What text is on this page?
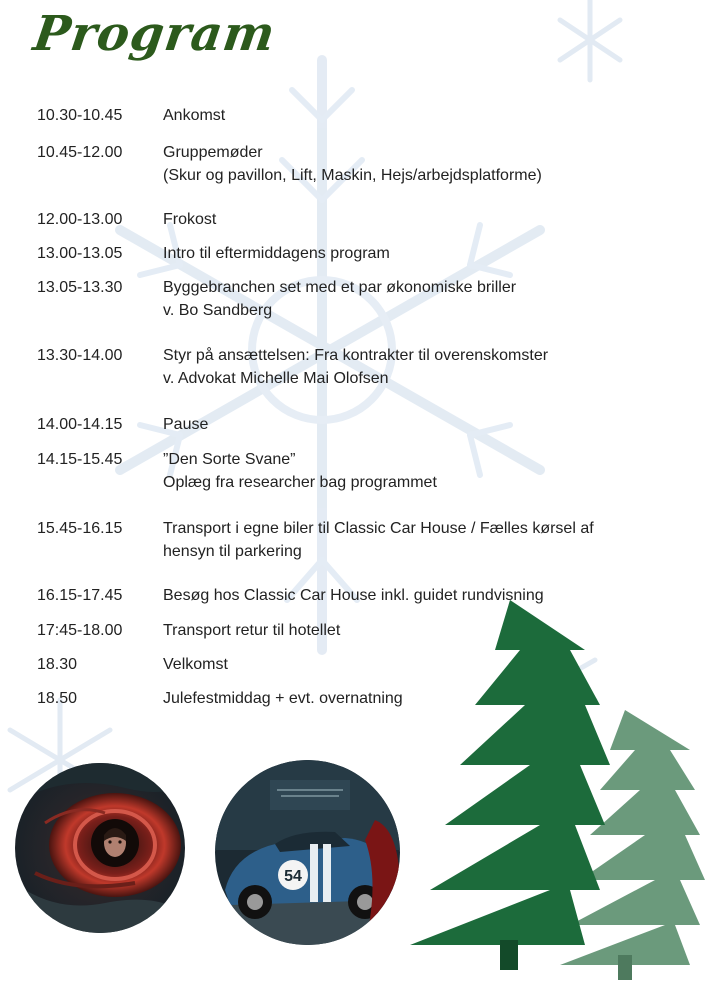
Program
10.30-10.45	Ankomst
10.45-12.00	Gruppemøder
(Skur og pavillon, Lift, Maskin, Hejs/arbejdsplatforme)
12.00-13.00	Frokost
13.00-13.05	Intro til eftermiddagens program
13.05-13.30	Byggebranchen set med et par økonomiske briller
v. Bo Sandberg
13.30-14.00	Styr på ansættelsen: Fra kontrakter til overenskomster
v. Advokat Michelle Mai Olofsen
14.00-14.15	Pause
14.15-15.45	”Den Sorte Svane”
Oplæg fra researcher bag programmet
15.45-16.15	Transport i egne biler til Classic Car House / Fælles kørsel af
hensyn til parkering
16.15-17.45	Besøg hos Classic Car House inkl. guidet rundvisning
17:45-18.00	Transport retur til hotellet
18.30	Velkomst
18.50	Julefestmiddag + evt. overnatning
54
